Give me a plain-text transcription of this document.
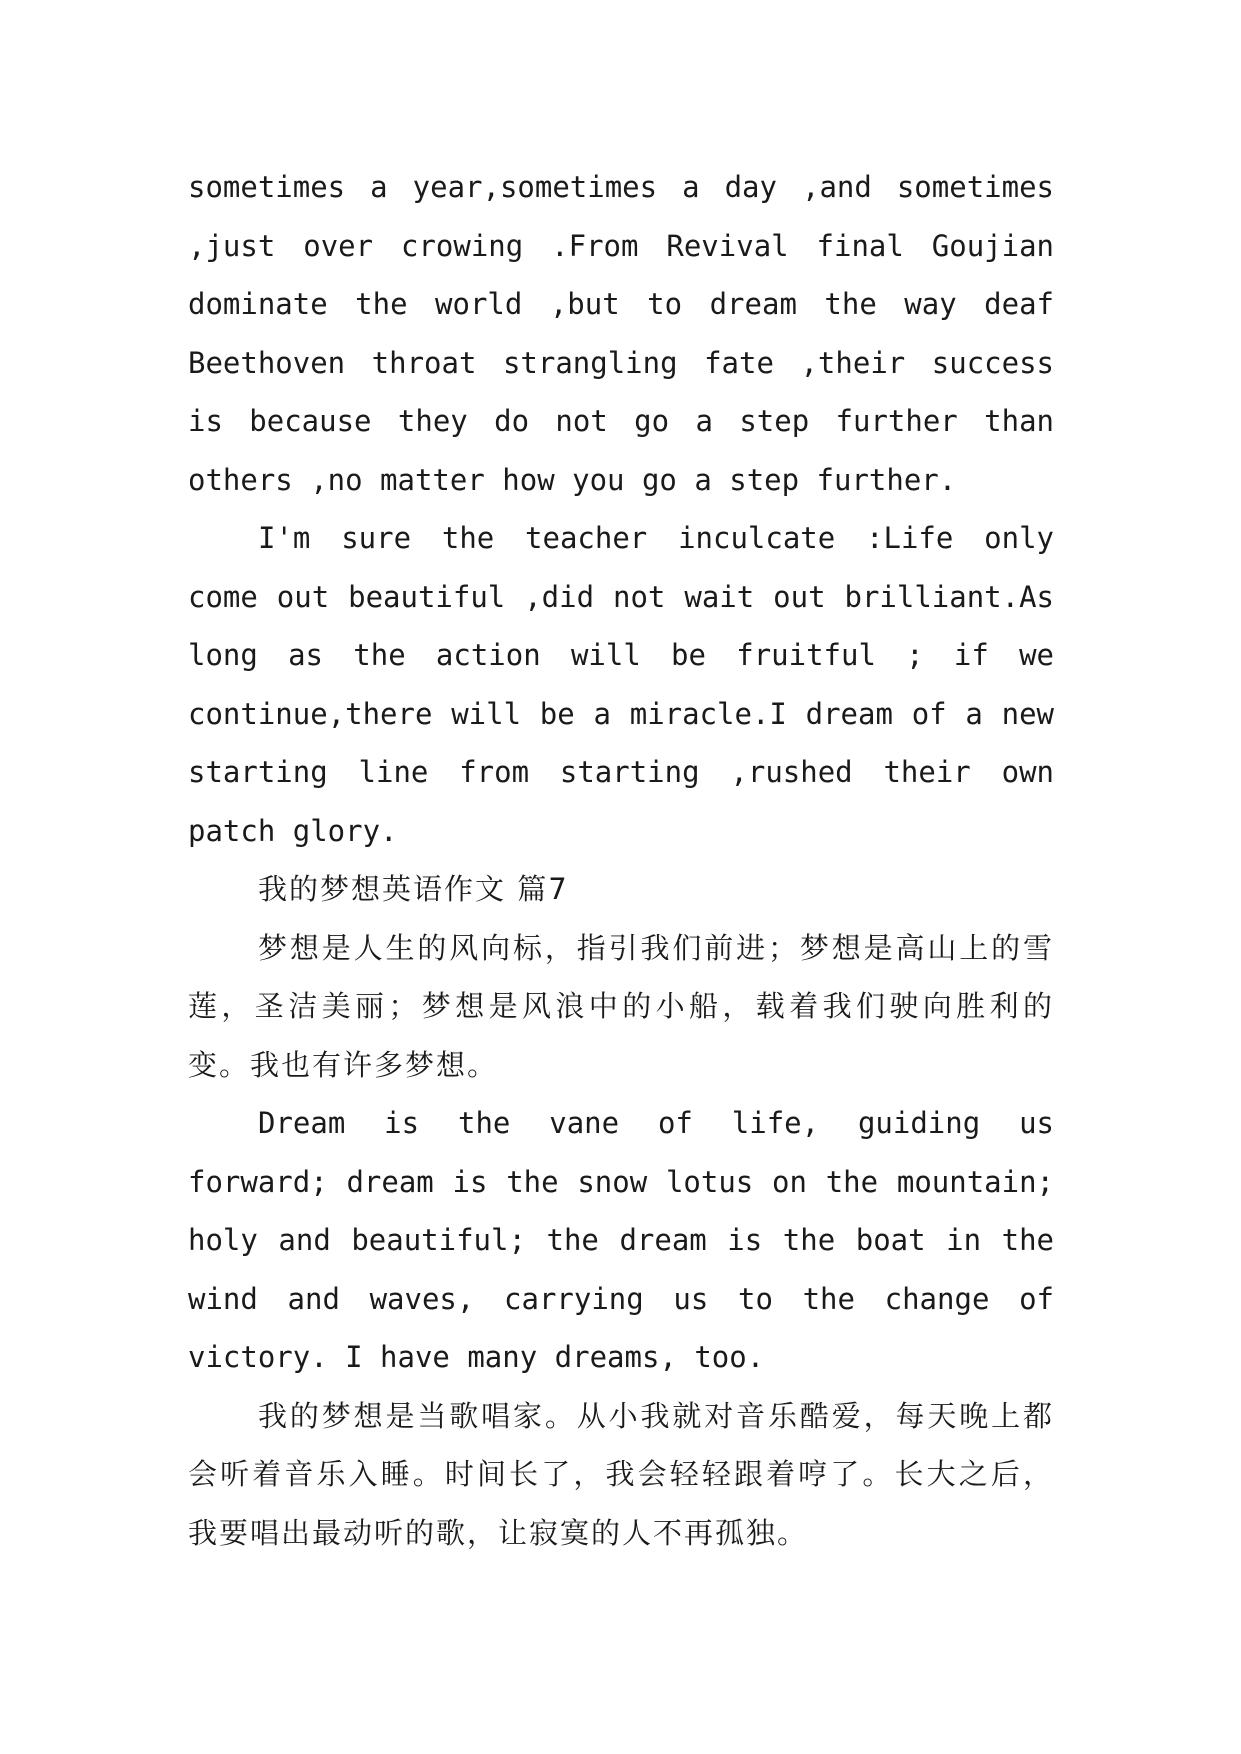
sometimes a year,sometimes a day ,and sometimes ,just over crowing .From Revival final Goujian dominate the world ,but to dream the way deaf Beethoven throat strangling fate ,their success is because they do not go a step further than others ,no matter how you go a step further.

I'm sure the teacher inculcate :Life only come out beautiful ,did not wait out brilliant.As long as the action will be fruitful ; if we continue,there will be a miracle.I dream of a new starting line from starting ,rushed their own patch glory.

我的梦想英语作文 篇7

梦想是人生的风向标，指引我们前进；梦想是高山上的雪莲，圣洁美丽；梦想是风浪中的小船，载着我们驶向胜利的变。我也有许多梦想。

Dream is the vane of life, guiding us forward; dream is the snow lotus on the mountain; holy and beautiful; the dream is the boat in the wind and waves, carrying us to the change of victory. I have many dreams, too.

我的梦想是当歌唱家。从小我就对音乐酷爱，每天晚上都会听着音乐入睡。时间长了，我会轻轻跟着哼了。长大之后，我要唱出最动听的歌，让寂寞的人不再孤独。
